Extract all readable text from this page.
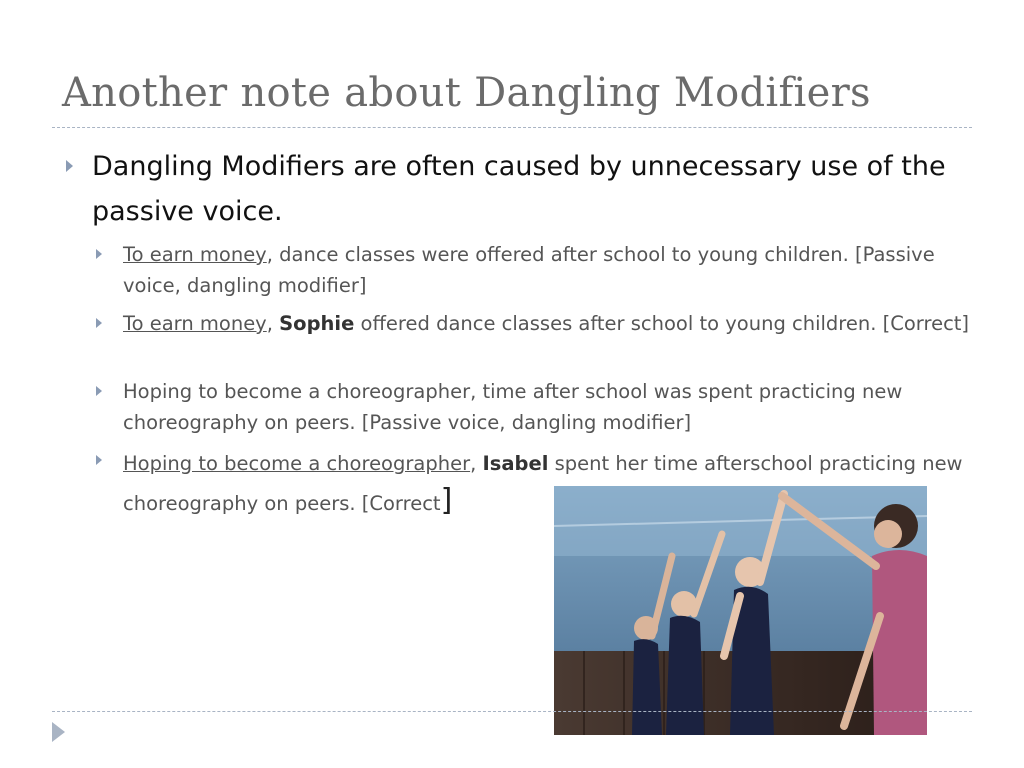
Another note about Dangling Modifiers
Dangling Modifiers are often caused by unnecessary use of the passive voice.
To earn money, dance classes were offered after school to young children. [Passive voice, dangling modifier]
To earn money, Sophie offered dance classes after school to young children. [Correct]
Hoping to become a choreographer, time after school was spent practicing new choreography on peers. [Passive voice, dangling modifier]
Hoping to become a choreographer, Isabel spent her time afterschool practicing new choreography on peers. [Correct]
